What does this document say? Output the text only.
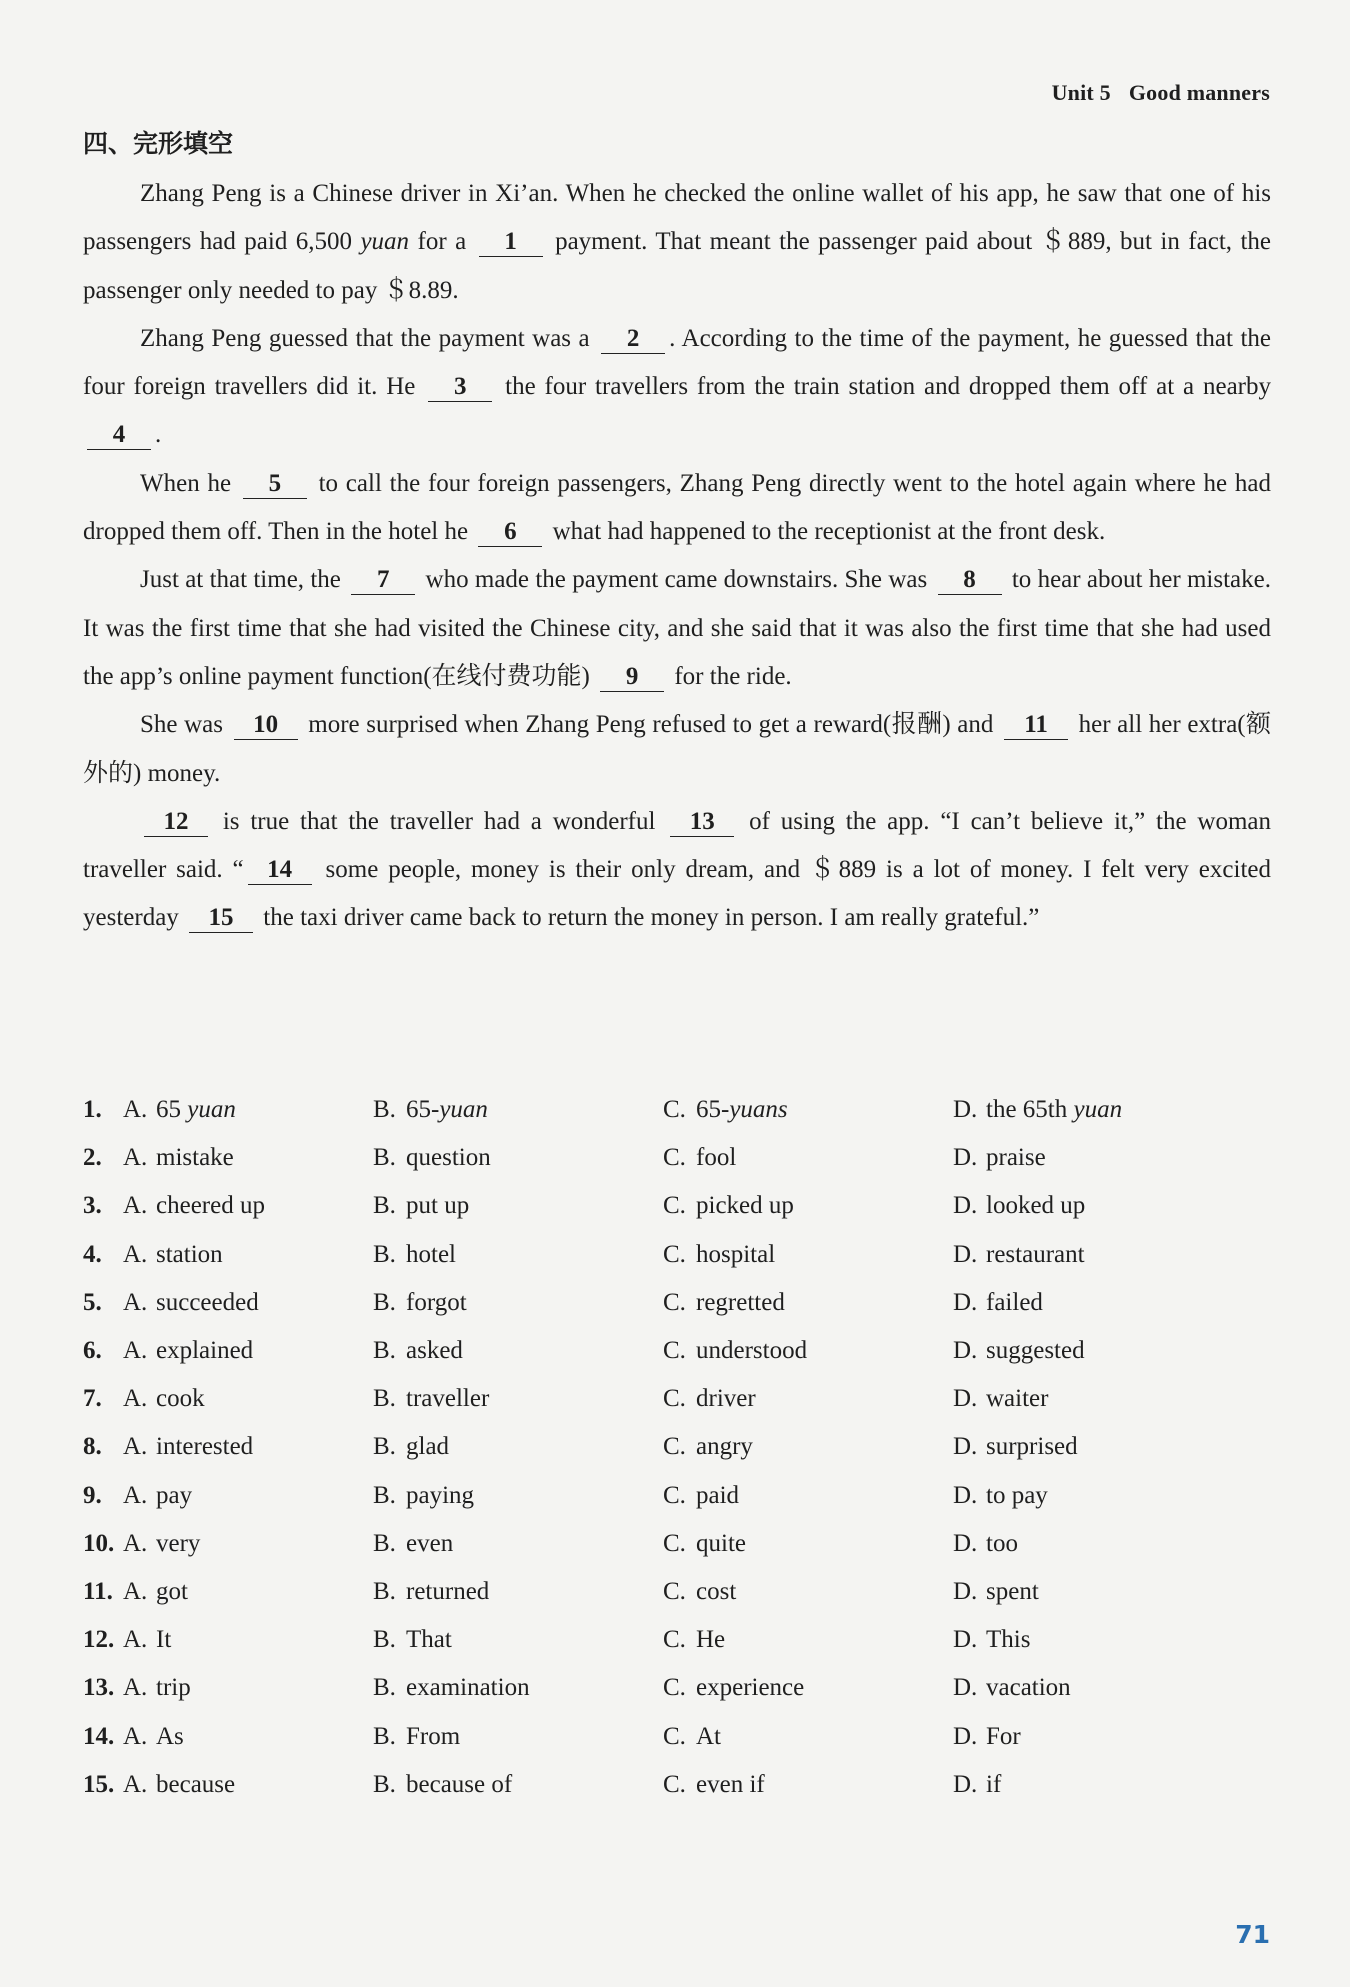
Unit 5 Good manners
四、完形填空

Zhang Peng is a Chinese driver in Xi’an. When he checked the online wallet of his app, he saw that one of his passengers had paid 6,500 yuan for a 1 payment. That meant the passenger paid about ＄889, but in fact, the passenger only needed to pay ＄8.89.

Zhang Peng guessed that the payment was a 2 . According to the time of the payment, he guessed that the four foreign travellers did it. He 3 the four travellers from the train station and dropped them off at a nearby 4 .

When he 5 to call the four foreign passengers, Zhang Peng directly went to the hotel again where he had dropped them off. Then in the hotel he 6 what had happened to the receptionist at the front desk.

Just at that time, the 7 who made the payment came downstairs. She was 8 to hear about her mistake. It was the first time that she had visited the Chinese city, and she said that it was also the first time that she had used the app’s online payment function(在线付费功能) 9 for the ride.

She was 10 more surprised when Zhang Peng refused to get a reward(报酬) and 11 her all her extra(额外的) money.

12 is true that the traveller had a wonderful 13 of using the app. “I can’t believe it,” the woman traveller said. “ 14 some people, money is their only dream, and ＄889 is a lot of money. I felt very excited yesterday 15 the taxi driver came back to return the money in person. I am really grateful.”

1. A. 65 yuan	B. 65-yuan	C. 65-yuans	D. the 65th yuan
2. A. mistake	B. question	C. fool	D. praise
3. A. cheered up	B. put up	C. picked up	D. looked up
4. A. station	B. hotel	C. hospital	D. restaurant
5. A. succeeded	B. forgot	C. regretted	D. failed
6. A. explained	B. asked	C. understood	D. suggested
7. A. cook	B. traveller	C. driver	D. waiter
8. A. interested	B. glad	C. angry	D. surprised
9. A. pay	B. paying	C. paid	D. to pay
10. A. very	B. even	C. quite	D. too
11. A. got	B. returned	C. cost	D. spent
12. A. It	B. That	C. He	D. This
13. A. trip	B. examination	C. experience	D. vacation
14. A. As	B. From	C. At	D. For
15. A. because	B. because of	C. even if	D. if
71
